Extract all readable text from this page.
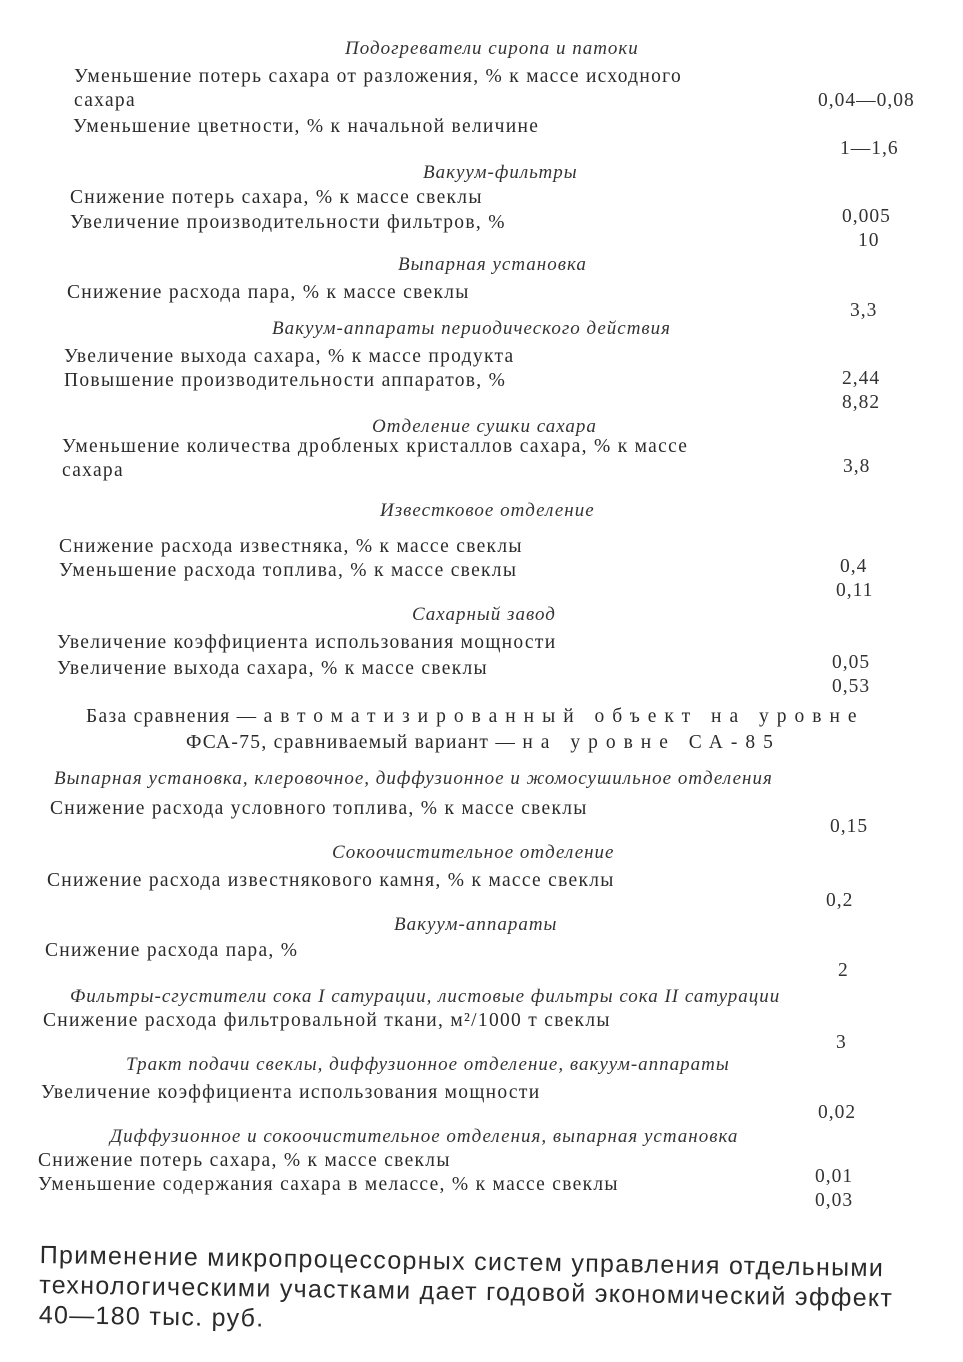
Подогреватели сиропа и патоки
Уменьшение потерь сахара от разложения, % к массе исходного
сахара	0,04—0,08
Уменьшение цветности, % к начальной величине
1—1,6
Вакуум-фильтры
Снижение потерь сахара, % к массе свеклы
0,005
Увеличение производительности фильтров, %
10
Выпарная установка
Снижение расхода пара, % к массе свеклы
3,3
Вакуум-аппараты периодического действия
Увеличение выхода сахара, % к массе продукта
2,44
Повышение производительности аппаратов, %
8,82
Отделение сушки сахара
Уменьшение количества дробленых кристаллов сахара, % к массе
сахара	3,8
Известковое отделение
Снижение расхода известняка, % к массе свеклы
0,4
Уменьшение расхода топлива, % к массе свеклы
0,11
Сахарный завод
Увеличение коэффициента использования мощности
0,05
Увеличение выхода сахара, % к массе свеклы
0,53
База сравнения — автоматизированный объект на уровне
ФСА-75, сравниваемый вариант — на уровне СА-85
Выпарная установка, клеровочное, диффузионное и жомосушильное отделения
Снижение расхода условного топлива, % к массе свеклы
0,15
Сокоочистительное отделение
Снижение расхода известнякового камня, % к массе свеклы
0,2
Вакуум-аппараты
Снижение расхода пара, %
2
Фильтры-сгустители сока I сатурации, листовые фильтры сока II сатурации
Снижение расхода фильтровальной ткани, м²/1000 т свеклы
3
Тракт подачи свеклы, диффузионное отделение, вакуум-аппараты
Увеличение коэффициента использования мощности
0,02
Диффузионное и сокоочистительное отделения, выпарная установка
Снижение потерь сахара, % к массе свеклы
0,01
Уменьшение содержания сахара в мелассе, % к массе свеклы
0,03
Применение микропроцессорных систем управления отдельными технологическими участками дает годовой экономический эффект 40—180 тыс. руб.
